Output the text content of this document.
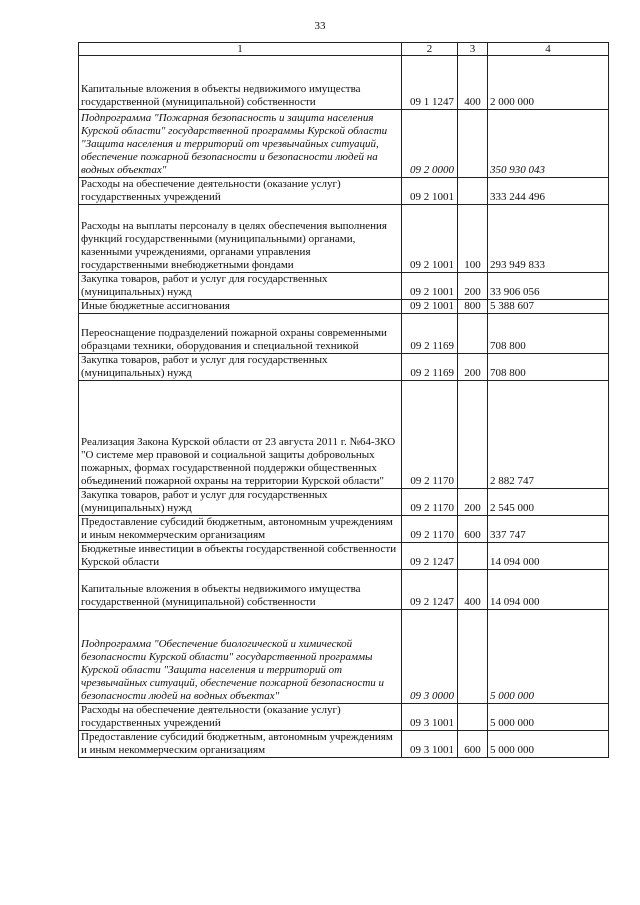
33
1	2	3	4
Капитальные вложения в объекты недвижимого имущества государственной (муниципальной) собственности	09 1 1247	400	2 000 000
Подпрограмма "Пожарная безопасность и защита населения Курской области" государственной программы Курской области "Защита населения и территорий от чрезвычайных ситуаций, обеспечение пожарной безопасности и безопасности людей на водных объектах"	09 2 0000		350 930 043
Расходы на обеспечение деятельности (оказание услуг) государственных учреждений	09 2 1001		333 244 496
Расходы на выплаты персоналу в целях обеспечения выполнения функций государственными (муниципальными) органами, казенными учреждениями, органами управления государственными внебюджетными фондами	09 2 1001	100	293 949 833
Закупка товаров, работ и услуг для государственных (муниципальных) нужд	09 2 1001	200	33 906 056
Иные бюджетные ассигнования	09 2 1001	800	5 388 607
Переоснащение подразделений пожарной охраны современными образцами техники, оборудования и специальной техникой	09 2 1169		708 800
Закупка товаров, работ и услуг для государственных (муниципальных) нужд	09 2 1169	200	708 800
Реализация Закона Курской области от 23 августа 2011 г. №64-ЗКО "О системе мер правовой и социальной защиты добровольных пожарных, формах государственной поддержки общественных объединений пожарной охраны на территории Курской области"	09 2 1170		2 882 747
Закупка товаров, работ и услуг для государственных (муниципальных) нужд	09 2 1170	200	2 545 000
Предоставление субсидий бюджетным, автономным учреждениям и иным некоммерческим организациям	09 2 1170	600	337 747
Бюджетные инвестиции в объекты государственной собственности Курской области	09 2 1247		14 094 000
Капитальные вложения в объекты недвижимого имущества государственной (муниципальной) собственности	09 2 1247	400	14 094 000
Подпрограмма "Обеспечение биологической и химической безопасности Курской области" государственной программы Курской области "Защита населения и территорий от чрезвычайных ситуаций, обеспечение пожарной безопасности и безопасности людей на водных объектах"	09 3 0000		5 000 000
Расходы на обеспечение деятельности (оказание услуг) государственных учреждений	09 3 1001		5 000 000
Предоставление субсидий бюджетным, автономным учреждениям и иным некоммерческим организациям	09 3 1001	600	5 000 000
